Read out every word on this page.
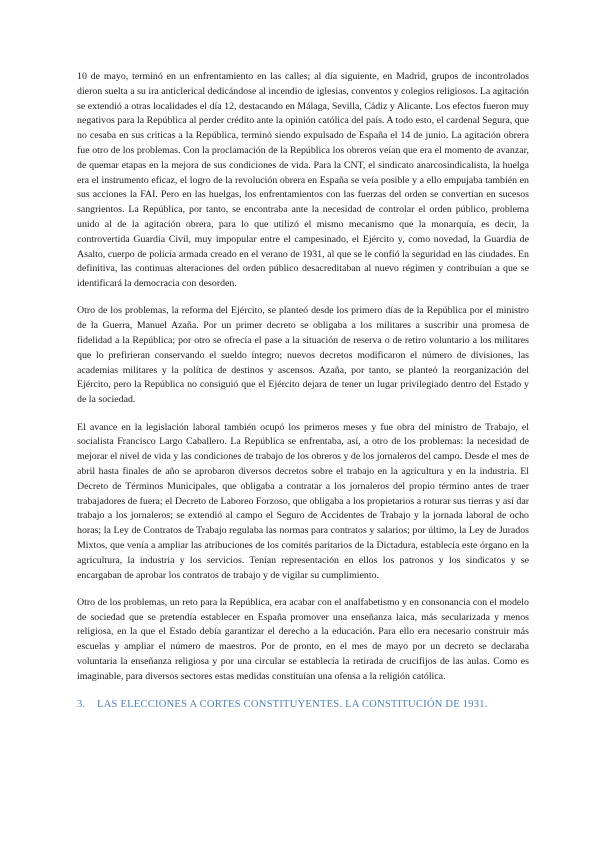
10 de mayo, terminó en un enfrentamiento en las calles; al día siguiente, en Madrid, grupos de incontrolados dieron suelta a su ira anticlerical dedicándose al incendio de iglesias, conventos y colegios religiosos. La agitación se extendió a otras localidades el día 12, destacando en Málaga, Sevilla, Cádiz y Alicante. Los efectos fueron muy negativos para la República al perder crédito ante la opinión católica del país. A todo esto, el cardenal Segura, que no cesaba en sus críticas a la República, terminó siendo expulsado de España el 14 de junio. La agitación obrera fue otro de los problemas. Con la proclamación de la República los obreros veían que era el momento de avanzar, de quemar etapas en la mejora de sus condiciones de vida. Para la CNT, el sindicato anarcosindicalista, la huelga era el instrumento eficaz, el logro de la revolución obrera en España se veía posible y a ello empujaba también en sus acciones la FAI. Pero en las huelgas, los enfrentamientos con las fuerzas del orden se convertían en sucesos sangrientos. La República, por tanto, se encontraba ante la necesidad de controlar el orden público, problema unido al de la agitación obrera, para lo que utilizó el mismo mecanismo que la monarquía, es decir, la controvertida Guardia Civil, muy impopular entre el campesinado, el Ejército y, como novedad, la Guardia de Asalto, cuerpo de policía armada creado en el verano de 1931, al que se le confió la seguridad en las ciudades. En definitiva, las continuas alteraciones del orden público desacreditaban al nuevo régimen y contribuían a que se identificará la democracia con desorden.

Otro de los problemas, la reforma del Ejército, se planteó desde los primero días de la República por el ministro de la Guerra, Manuel Azaña. Por un primer decreto se obligaba a los militares a suscribir una promesa de fidelidad a la República; por otro se ofrecía el pase a la situación de reserva o de retiro voluntario a los militares que lo prefirieran conservando el sueldo íntegro; nuevos decretos modificaron el número de divisiones, las academias militares y la política de destinos y ascensos. Azaña, por tanto, se planteó la reorganización del Ejército, pero la República no consiguió que el Ejército dejara de tener un lugar privilegiado dentro del Estado y de la sociedad.

El avance en la legislación laboral también ocupó los primeros meses y fue obra del ministro de Trabajo, el socialista Francisco Largo Caballero. La República se enfrentaba, así, a otro de los problemas: la necesidad de mejorar el nivel de vida y las condiciones de trabajo de los obreros y de los jornaleros del campo. Desde el mes de abril hasta finales de año se aprobaron diversos decretos sobre el trabajo en la agricultura y en la industria. El Decreto de Términos Municipales, que obligaba a contratar a los jornaleros del propio término antes de traer trabajadores de fuera; el Decreto de Laboreo Forzoso, que obligaba a los propietarios a roturar sus tierras y así dar trabajo a los jornaleros; se extendió al campo el Seguro de Accidentes de Trabajo y la jornada laboral de ocho horas; la Ley de Contratos de Trabajo regulaba las normas para contratos y salarios; por último, la Ley de Jurados Mixtos, que venía a ampliar las atribuciones de los comités paritarios de la Dictadura, establecía este órgano en la agricultura, la industria y los servicios. Tenían representación en ellos los patronos y los sindicatos y se encargaban de aprobar los contratos de trabajo y de vigilar su cumplimiento.

Otro de los problemas, un reto para la República, era acabar con el analfabetismo y en consonancia con el modelo de sociedad que se pretendía establecer en España promover una enseñanza laica, más secularizada y menos religiosa, en la que el Estado debía garantizar el derecho a la educación. Para ello era necesario construir más escuelas y ampliar el número de maestros. Por de pronto, en el mes de mayo por un decreto se declaraba voluntaria la enseñanza religiosa y por una circular se establecía la retirada de crucifijos de las aulas. Como es imaginable, para diversos sectores estas medidas constituían una ofensa a la religión católica.

3. LAS ELECCIONES A CORTES CONSTITUYENTES. LA CONSTITUCIÓN DE 1931.
